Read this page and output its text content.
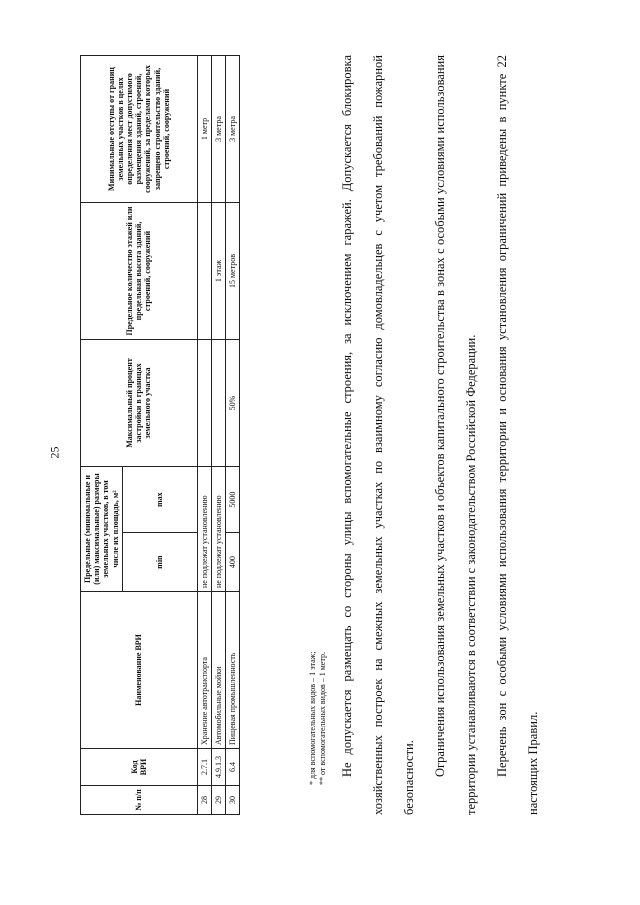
25
№ п/п	Код ВРИ	Наименование ВРИ	Предельные (минимальные и (или) максимальные) размеры земельных участков, в том числе их площадь, м²		Максимальный процент застройки в границах земельного участка	Предельное количество этажей или предельная высота зданий, строений, сооружений	Минимальные отступы от границ земельных участков в целях определения мест допустимого размещения зданий, строений, сооружений, за пределами которых запрещено строительство зданий, строений, сооружений
			min	max			
28	2.7.1	Хранение автотранспорта	не подлежат установлению				1 метр
29	4.9.1.3	Автомобильные мойки	не подлежат установлению			1 этаж	3 метра
30	6.4	Пищевая промышленность	400	5000	50%	15 метров	3 метра
* для вспомогательных видов – 1 этаж; ** от вспомогательных видов – 1 метр.	Не допускается размещать со стороны улицы вспомогательные строения, за исключением гаражей. Допускается блокировка хозяйственных построек на смежных земельных участках по взаимному согласию домовладельцев с учетом требований пожарной безопасности.

Ограничения использования земельных участков и объектов капитального строительства в зонах с особыми условиями использования территории устанавливаются в соответствии с законодательством Российской Федерации.	Перечень зон с особыми условиями использования территории и основания установления ограничений приведены в пункте 22 настоящих Правил.
